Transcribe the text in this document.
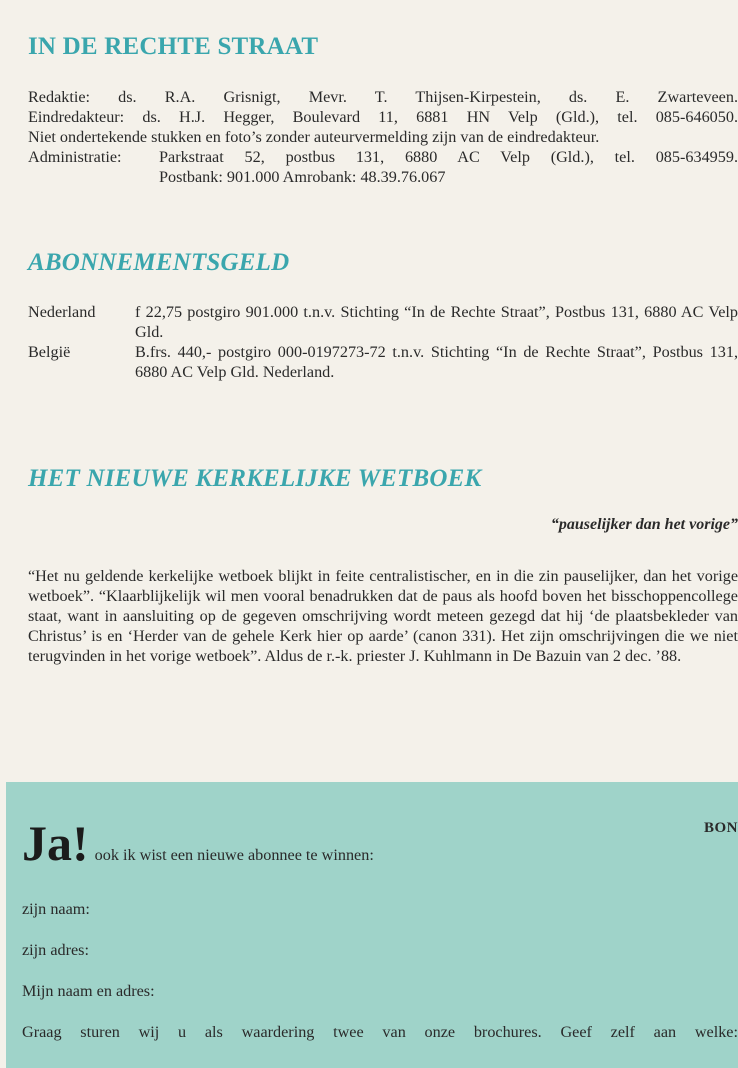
IN DE RECHTE STRAAT

Redaktie: ds. R.A. Grisnigt, Mevr. T. Thijsen-Kirpestein, ds. E. Zwarteveen.

Eindredakteur: ds. H.J. Hegger, Boulevard 11, 6881 HN Velp (Gld.), tel. 085-646050.

Niet ondertekende stukken en foto’s zonder auteurvermelding zijn van de eindredakteur.

Administratie:	Parkstraat 52, postbus 131, 6880 AC Velp (Gld.), tel. 085-634959.
Postbank: 901.000 Amrobank: 48.39.76.067
ABONNEMENTSGELD
Nederland	f 22,75 postgiro 901.000 t.n.v. Stichting “In de Rechte Straat”, Postbus 131, 6880 AC Velp Gld.
België	B.frs. 440,- postgiro 000-0197273-72 t.n.v. Stichting “In de Rechte Straat”, Postbus 131, 6880 AC Velp Gld. Nederland.
HET NIEUWE KERKELIJKE WETBOEK
“pauselijker dan het vorige”

“Het nu geldende kerkelijke wetboek blijkt in feite centralistischer, en in die zin pauselijker, dan het vorige wetboek”. “Klaarblijkelijk wil men vooral benadrukken dat de paus als hoofd boven het bisschoppencollege staat, want in aansluiting op de gegeven omschrijving wordt meteen gezegd dat hij ‘de plaatsbekleder van Christus’ is en ‘Herder van de gehele Kerk hier op aarde’ (canon 331). Het zijn omschrijvingen die we niet terugvinden in het vorige wetboek”. Aldus de r.-k. priester J. Kuhlmann in De Bazuin van 2 dec. ’88.

BON
Ja! ook ik wist een nieuwe abonnee te winnen:
zijn naam:
zijn adres:
Mijn naam en adres:
Graag sturen wij u als waardering twee van onze brochures. Geef zelf aan welke:
